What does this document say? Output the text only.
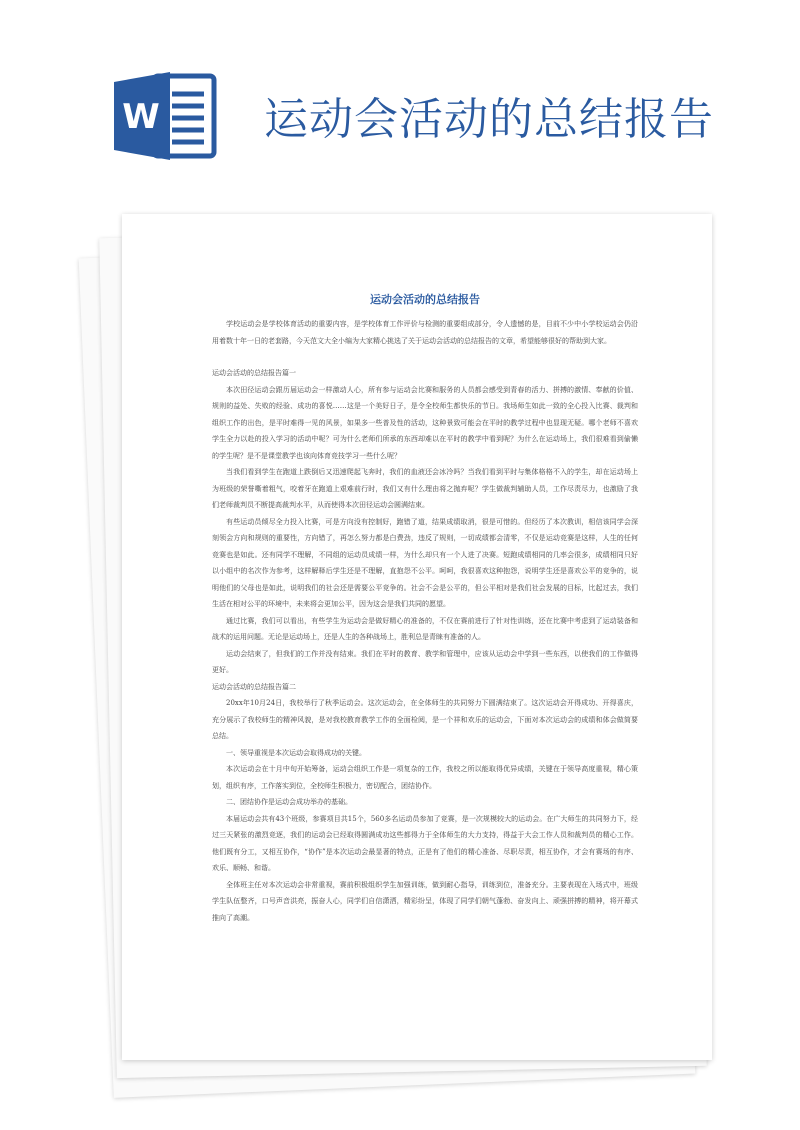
W 运动会活动的总结报告
运动会活动的总结报告

学校运动会是学校体育活动的重要内容，是学校体育工作评价与检测的重要组成部分，令人遗憾的是，目前不少中小学校运动会仍沿用着数十年一日的老套路，今天范文大全小编为大家精心挑选了关于运动会活动的总结报告的文章，希望能够很好的帮助到大家。

运动会活动的总结报告篇一

本次田径运动会跟历届运动会一样激动人心，所有参与运动会比赛和服务的人员都会感受到青春的活力、拼搏的激情、奉献的价值、规则的益处、失败的经验、成功的喜悦……这是一个美好日子，是令全校师生都快乐的节日。我场师生如此一致的全心投入比赛、裁判和组织工作的出色，是平时难得一见的风景，如果多一些普及性的活动，这种景致可能会在平时的教学过程中也显现无疑。哪个老师不喜欢学生全力以赴的投入学习的活动中呢？可为什么老师们所承的东西却难以在平时的教学中看到呢？为什么在运动场上，我们很难看到偷懒的学生呢？是不是课堂教学也该向体育竞技学习一些什么呢？

当我们看到学生在跑道上跌倒后又迅速爬起飞奔时，我们的血液还会冰冷吗？当我们看到平时与集体格格不入的学生，却在运动场上为班级的荣誉嘶着粗气，咬着牙在跑道上艰难前行时，我们又有什么理由将之抛弃呢？学生做裁判辅助人员，工作尽责尽力，也激励了我们老师裁判员不断提高裁判水平，从而使得本次田径运动会圆满结束。

有些运动员倾尽全力投入比赛，可是方向没有控制好，跑错了道，结果成绩取消，很是可惜的。但经历了本次教训，相信该同学会深刻领会方向和规则的重要性，方向错了，再怎么努力都是白费劲，违反了规则，一切成绩都会清零，不仅是运动竞赛是这样，人生的任何竞赛也是如此。还有同学不理解，不同组的运动员成绩一样，为什么却只有一个人进了决赛。短跑成绩相同的几率会很多，成绩相同只好以小组中的名次作为参考，这样解释后学生还是不理解，直抱怨不公平。呵呵，我很喜欢这种抱怨，说明学生还是喜欢公平的竞争的，说明他们的父母也是如此，说明我们的社会还是需要公平竞争的。社会不会是公平的，但公平相对是我们社会发展的目标，比起过去，我们生活在相对公平的环境中，未来将会更加公平，因为这会是我们共同的愿望。

通过比赛，我们可以看出，有些学生为运动会是做好精心的准备的，不仅在赛前进行了针对性训练，还在比赛中考虑到了运动装备和战术的运用问题。无论是运动场上，还是人生的各种战场上，胜利总是青睐有准备的人。

运动会结束了，但我们的工作并没有结束。我们在平时的教育、教学和管理中，应该从运动会中学到一些东西，以使我们的工作做得更好。

运动会活动的总结报告篇二

20xx年10月24日，我校举行了秋季运动会。这次运动会，在全体师生的共同努力下圆满结束了。这次运动会开得成功、开得喜庆，充分展示了我校师生的精神风貌，是对我校教育教学工作的全面检阅，是一个祥和欢乐的运动会，下面对本次运动会的成绩和体会做简要总结。

一、领导重视是本次运动会取得成功的关键。

本次运动会在十月中旬开始筹备，运动会组织工作是一项复杂的工作，我校之所以能取得优异成绩，关键在于领导高度重视，精心策划，组织有序，工作落实到位，全校师生积极力，密切配合，团结协作。

二、团结协作是运动会成功举办的基础。

本届运动会共有43个班级，参赛项目共15个，560多名运动员参加了竞赛，是一次规模较大的运动会。在广大师生的共同努力下，经过三天紧张的激烈竞逐，我们的运动会已经取得圆满成功这些都得力于全体师生的大力支持，得益于大会工作人员和裁判员的精心工作。他们既有分工，又相互协作，“协作”是本次运动会最显著的特点，正是有了他们的精心准备、尽职尽责，相互协作，才会有赛场的有序、欢乐、顺畅、和谐。

全体班主任对本次运动会非常重视，赛前积极组织学生加强训练，做到耐心指导，训练到位，准备充分。主要表现在入场式中，班级学生队伍整齐，口号声音洪亮，振奋人心，同学们自信潇洒，精彩纷呈，体现了同学们朝气蓬勃、奋发向上、顽强拼搏的精神，将开幕式推向了高潮。
